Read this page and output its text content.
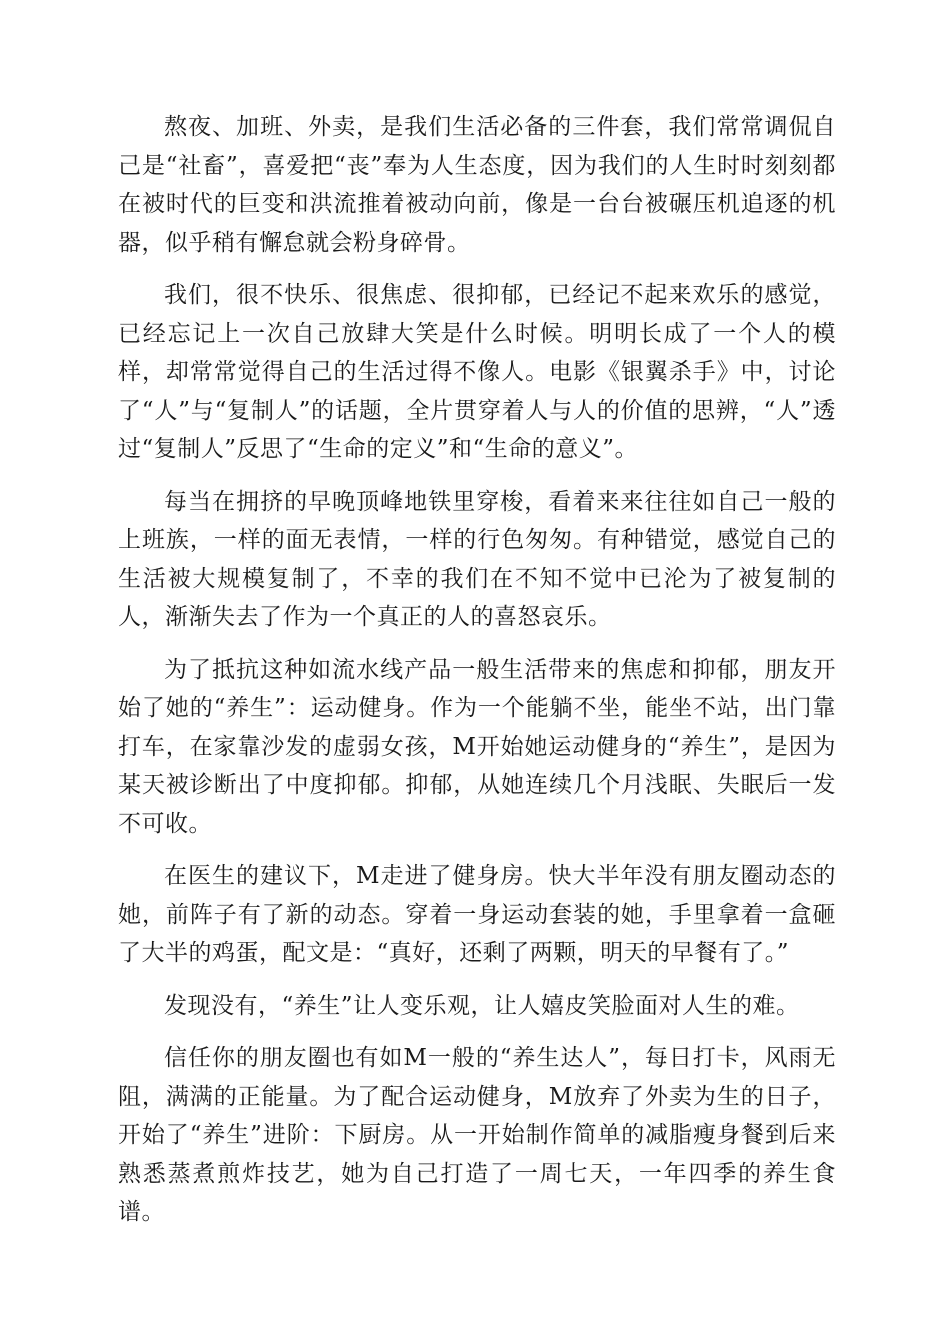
熬夜、加班、外卖，是我们生活必备的三件套，我们常常调侃自己是“社畜”，喜爱把“丧”奉为人生态度，因为我们的人生时时刻刻都在被时代的巨变和洪流推着被动向前，像是一台台被碾压机追逐的机器，似乎稍有懈怠就会粉身碎骨。

我们，很不快乐、很焦虑、很抑郁，已经记不起来欢乐的感觉，已经忘记上一次自己放肆大笑是什么时候。明明长成了一个人的模样，却常常觉得自己的生活过得不像人。电影《银翼杀手》中，讨论了“人”与“复制人”的话题，全片贯穿着人与人的价值的思辨，“人”透过“复制人”反思了“生命的定义”和“生命的意义”。

每当在拥挤的早晚顶峰地铁里穿梭，看着来来往往如自己一般的上班族，一样的面无表情，一样的行色匆匆。有种错觉，感觉自己的生活被大规模复制了，不幸的我们在不知不觉中已沦为了被复制的人，渐渐失去了作为一个真正的人的喜怒哀乐。

为了抵抗这种如流水线产品一般生活带来的焦虑和抑郁，朋友开始了她的“养生”：运动健身。作为一个能躺不坐，能坐不站，出门靠打车，在家靠沙发的虚弱女孩，M开始她运动健身的“养生”，是因为某天被诊断出了中度抑郁。抑郁，从她连续几个月浅眠、失眠后一发不可收。

在医生的建议下，M走进了健身房。快大半年没有朋友圈动态的她，前阵子有了新的动态。穿着一身运动套装的她，手里拿着一盒砸了大半的鸡蛋，配文是：“真好，还剩了两颗，明天的早餐有了。”

发现没有，“养生”让人变乐观，让人嬉皮笑脸面对人生的难。

信任你的朋友圈也有如M一般的“养生达人”，每日打卡，风雨无阻，满满的正能量。为了配合运动健身，M放弃了外卖为生的日子，开始了“养生”进阶：下厨房。从一开始制作简单的减脂瘦身餐到后来熟悉蒸煮煎炸技艺，她为自己打造了一周七天，一年四季的养生食谱。
